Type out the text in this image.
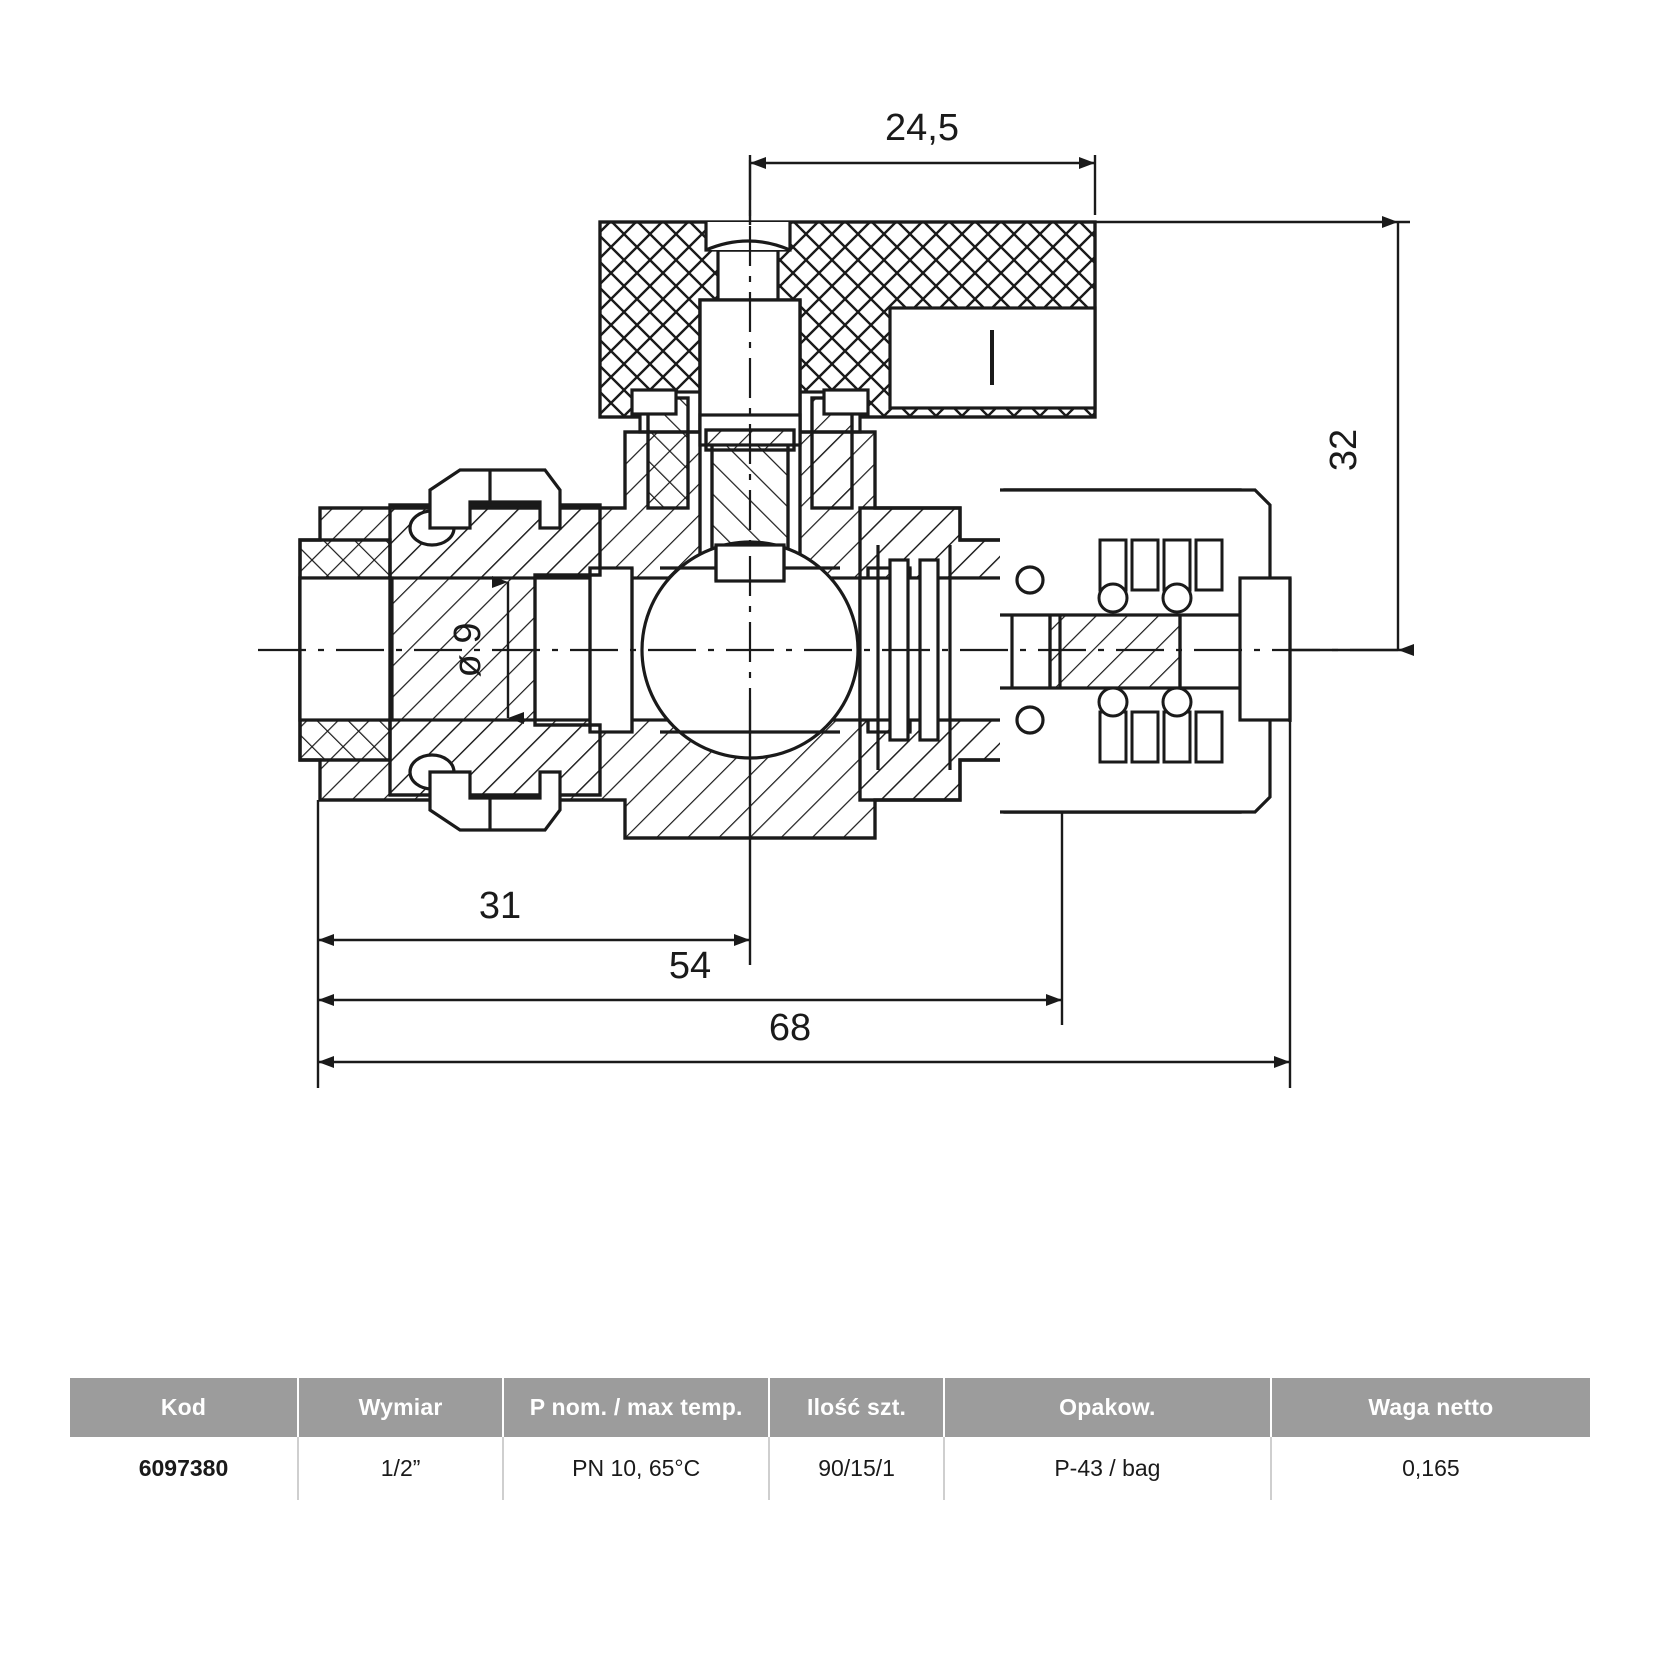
24,5
32
ø 9
31
54
68
Kod	Wymiar	P nom. / max temp.	Ilość szt.	Opakow.	Waga netto
6097380	1/2”	PN 10, 65°C	90/15/1	P-43 / bag	0,165
